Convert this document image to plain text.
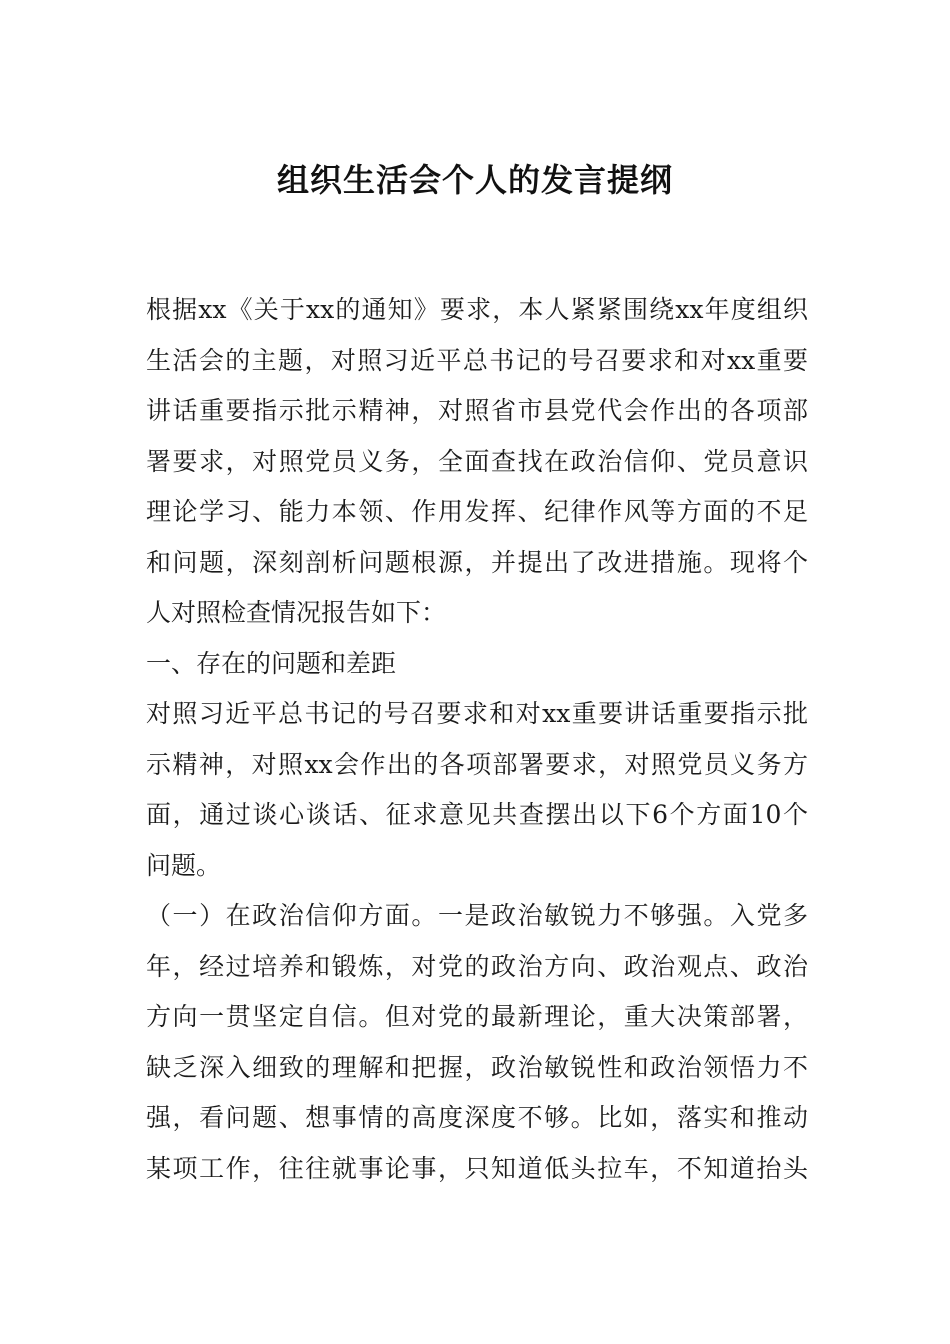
组织生活会个人的发言提纲
根据xx《关于xx的通知》要求，本人紧紧围绕xx年度组织
生活会的主题，对照习近平总书记的号召要求和对xx重要
讲话重要指示批示精神，对照省市县党代会作出的各项部
署要求，对照党员义务，全面查找在政治信仰、党员意识
理论学习、能力本领、作用发挥、纪律作风等方面的不足
和问题，深刻剖析问题根源，并提出了改进措施。现将个
人对照检查情况报告如下：
一、存在的问题和差距
对照习近平总书记的号召要求和对xx重要讲话重要指示批
示精神，对照xx会作出的各项部署要求，对照党员义务方
面，通过谈心谈话、征求意见共查摆出以下6个方面10个
问题。
（一）在政治信仰方面。一是政治敏锐力不够强。入党多
年，经过培养和锻炼，对党的政治方向、政治观点、政治
方向一贯坚定自信。但对党的最新理论，重大决策部署，
缺乏深入细致的理解和把握，政治敏锐性和政治领悟力不
强，看问题、想事情的高度深度不够。比如，落实和推动
某项工作，往往就事论事，只知道低头拉车，不知道抬头
